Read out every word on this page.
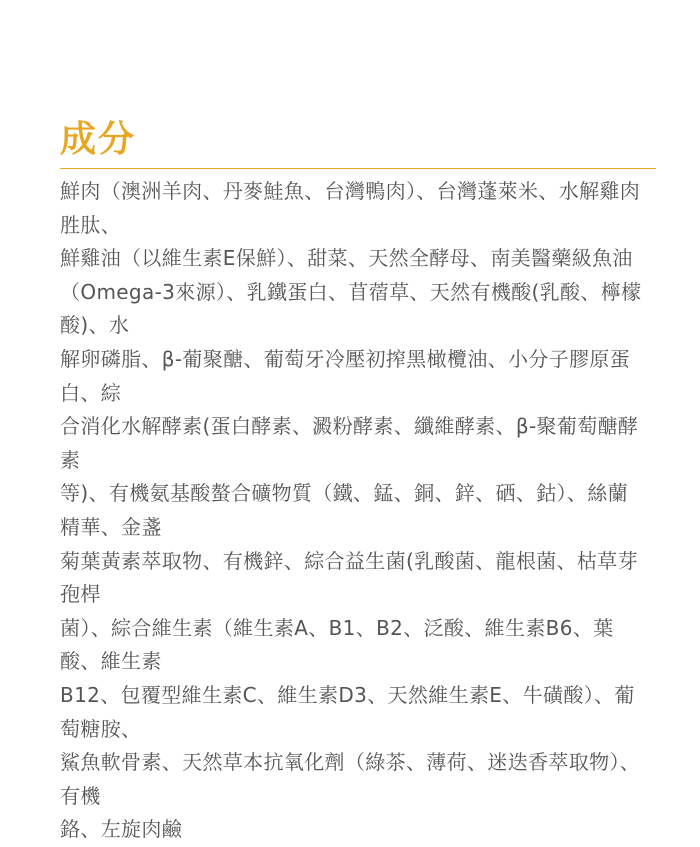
成分
鮮肉（澳洲羊肉、丹麥鮭魚、台灣鴨肉）、台灣蓬萊米、水解雞肉胜肽、
鮮雞油（以維生素E保鮮）、甜菜、天然全酵母、南美醫藥級魚油
（Omega-3來源）、乳鐵蛋白、苜蓿草、天然有機酸(乳酸、檸檬酸)、水
解卵磷脂、β-葡聚醣、葡萄牙冷壓初搾黑橄欖油、小分子膠原蛋白、綜
合消化水解酵素(蛋白酵素、澱粉酵素、纖維酵素、β-聚葡萄醣酵素
等)、有機氨基酸螯合礦物質（鐵、錳、銅、鋅、硒、鈷）、絲蘭精華、金盞
菊葉黃素萃取物、有機鋅、綜合益生菌(乳酸菌、龍根菌、枯草芽孢桿
菌）、綜合維生素（維生素A、B1、B2、泛酸、維生素B6、葉酸、維生素
B12、包覆型維生素C、維生素D3、天然維生素E、牛磺酸）、葡萄糖胺、
鯊魚軟骨素、天然草本抗氧化劑（綠茶、薄荷、迷迭香萃取物）、有機
鉻、左旋肉鹼
